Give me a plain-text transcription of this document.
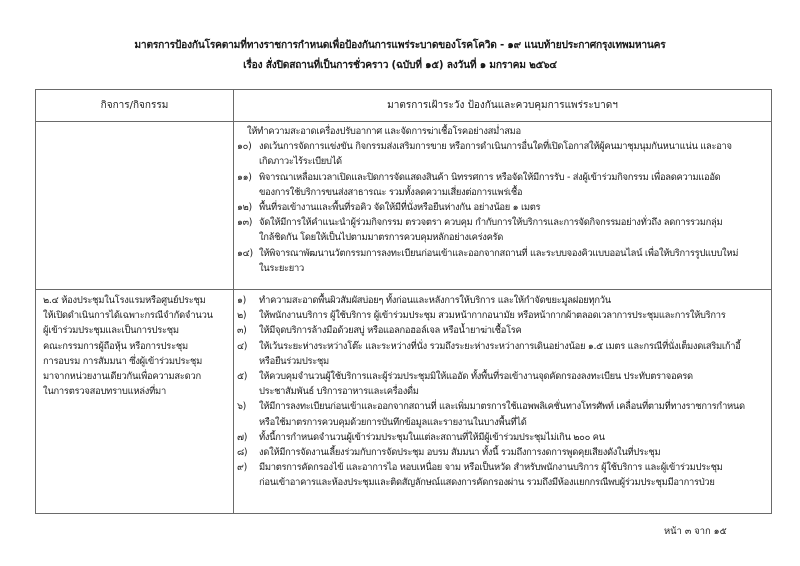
มาตรการป้องกันโรคตามที่ทางราชการกำหนดเพื่อป้องกันการแพร่ระบาดของโรคโควิด - ๑๙ แนบท้ายประกาศกรุงเทพมหานคร
เรื่อง สั่งปิดสถานที่เป็นการชั่วคราว (ฉบับที่ ๑๕) ลงวันที่ ๑ มกราคม ๒๕๖๔
กิจการ/กิจกรรม	มาตรการเฝ้าระวัง ป้องกันและควบคุมการแพร่ระบาดฯ
ให้ทำความสะอาดเครื่องปรับอากาศ และจัดการฆ่าเชื้อโรคอย่างสม่ำสมอ
๑๐) งดเว้นการจัดการแข่งขัน กิจกรรมส่งเสริมการขาย หรือการดำเนินการอื่นใดที่เปิดโอกาสให้ผู้คนมาชุมนุมกันหนาแน่น และอาจ
เกิดภาวะไร้ระเบียบได้
๑๑) พิจารณาเหลื่อมเวลาเปิดและปิดการจัดแสดงสินค้า นิทรรศการ หรือจัดให้มีการรับ - ส่งผู้เข้าร่วมกิจกรรม เพื่อลดความแออัด
ของการใช้บริการขนส่งสาธารณะ รวมทั้งลดความเสี่ยงต่อการแพร่เชื้อ
๑๒) พื้นที่รอเข้างานและพื้นที่รอคิว จัดให้มีที่นั่งหรือยืนห่างกัน อย่างน้อย ๑ เมตร
๑๓) จัดให้มีการให้คำแนะนำผู้ร่วมกิจกรรม ตรวจตรา ควบคุม กำกับการให้บริการและการจัดกิจกรรมอย่างทั่วถึง ลดการรวมกลุ่ม
ใกล้ชิดกัน โดยให้เป็นไปตามมาตรการควบคุมหลักอย่างเคร่งครัด
๑๔) ให้พิจารณาพัฒนานวัตกรรมการลงทะเบียนก่อนเข้าและออกจากสถานที่ และระบบจองคิวแบบออนไลน์ เพื่อให้บริการรูปแบบใหม่
ในระยะยาว
๒.๔ ห้องประชุมในโรงแรมหรือศูนย์ประชุม
ให้เปิดดำเนินการได้เฉพาะกรณีจำกัดจำนวน
ผู้เข้าร่วมประชุมและเป็นการประชุม
คณะกรรมการผู้ถือหุ้น หรือการประชุม
การอบรม การสัมมนา ซึ่งผู้เข้าร่วมประชุม
มาจากหน่วยงานเดียวกันเพื่อความสะดวก
ในการตรวจสอบทราบแหล่งที่มา
๑) ทำความสะอาดพื้นผิวสัมผัสบ่อยๆ ทั้งก่อนและหลังการให้บริการ และให้กำจัดขยะมูลฝอยทุกวัน
๒) ให้พนักงานบริการ ผู้ใช้บริการ ผู้เข้าร่วมประชุม สวมหน้ากากอนามัย หรือหน้ากากผ้าตลอดเวลาการประชุมและการให้บริการ
๓) ให้มีจุดบริการล้างมือด้วยสบู่ หรือแอลกอฮอล์เจล หรือน้ำยาฆ่าเชื้อโรค
๔) ให้เว้นระยะห่างระหว่างโต๊ะ และระหว่างที่นั่ง รวมถึงระยะห่างระหว่างการเดินอย่างน้อย ๑.๕ เมตร และกรณีที่นั่งเต็มงดเสริมเก้าอี้
หรือยืนร่วมประชุม
๕) ให้ควบคุมจำนวนผู้ใช้บริการและผู้ร่วมประชุมมิให้แออัด ทั้งพื้นที่รอเข้างานจุดคัดกรองลงทะเบียน ประทับตราจอครด
ประชาสัมพันธ์ บริการอาหารและเครื่องดื่ม
๖) ให้มีการลงทะเบียนก่อนเข้าและออกจากสถานที่ และเพิ่มมาตรการใช้แอพพลิเคชั่นทางโทรศัพท์ เคลื่อนที่ตามที่ทางราชการกำหนด
หรือใช้มาตรการควบคุมด้วยการบันทึกข้อมูลและรายงานในบางพื้นที่ได้
๗) ทั้งนี้การกำหนดจำนวนผู้เข้าร่วมประชุมในแต่ละสถานที่ให้มีผู้เข้าร่วมประชุมไม่เกิน ๒๐๐ คน
๘) งดให้มีการจัดงานเลี้ยงร่วมกับการจัดประชุม อบรม สัมมนา ทั้งนี้ รวมถึงการงดการพูดคุยเสียงดังในที่ประชุม
๙) มีมาตรการคัดกรองไข้ และอาการไอ หอบเหนื่อย จาม หรือเป็นหวัด สำหรับพนักงานบริการ ผู้ใช้บริการ และผู้เข้าร่วมประชุม
ก่อนเข้าอาคารและห้องประชุมและติดสัญลักษณ์แสดงการคัดกรองผ่าน รวมถึงมีห้องแยกกรณีพบผู้ร่วมประชุมมีอาการป่วย
หน้า ๓ จาก ๑๕
